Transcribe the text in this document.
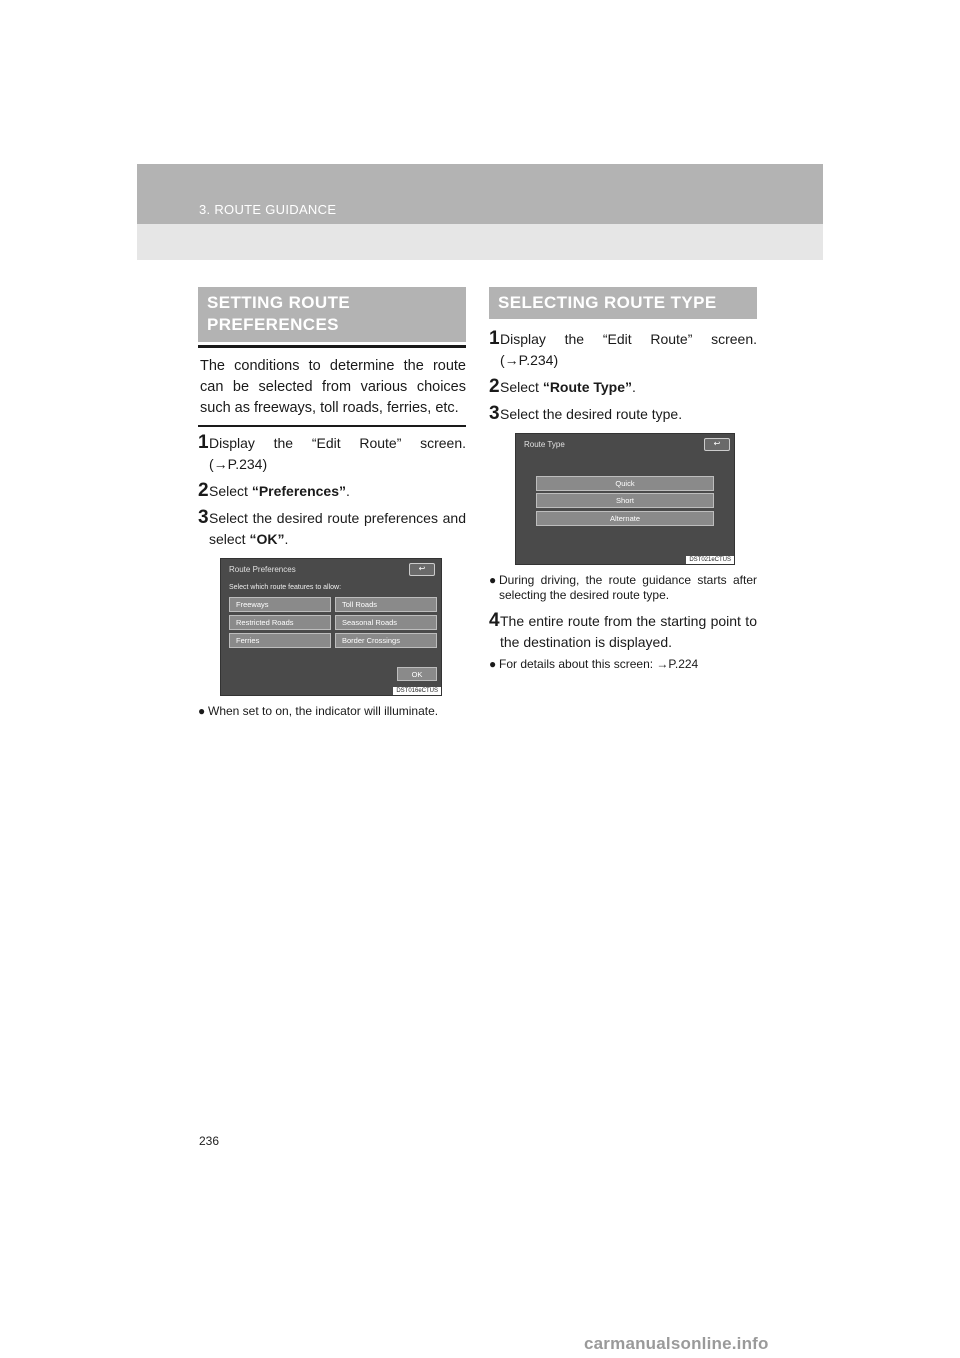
3. ROUTE GUIDANCE
SETTING ROUTE PREFERENCES
The conditions to determine the route can be selected from various choices such as freeways, toll roads, ferries, etc.
1 Display the “Edit Route” screen. (→P.234)
2 Select “Preferences”.
3 Select the desired route preferences and select “OK”.
Route Preferences	↩
Select which route features to allow:
Freeways	Toll Roads
Restricted Roads	Seasonal Roads
Ferries	Border Crossings
OK
DST016eCTUS
● When set to on, the indicator will illuminate.
SELECTING ROUTE TYPE
1 Display the “Edit Route” screen. (→P.234)
2 Select “Route Type”.
3 Select the desired route type.
Route Type	↩
Quick
Short
Alternate
DST021eCTUS
● During driving, the route guidance starts after selecting the desired route type.
4 The entire route from the starting point to the destination is displayed.
● For details about this screen: →P.224
236
carmanualsonline.info
